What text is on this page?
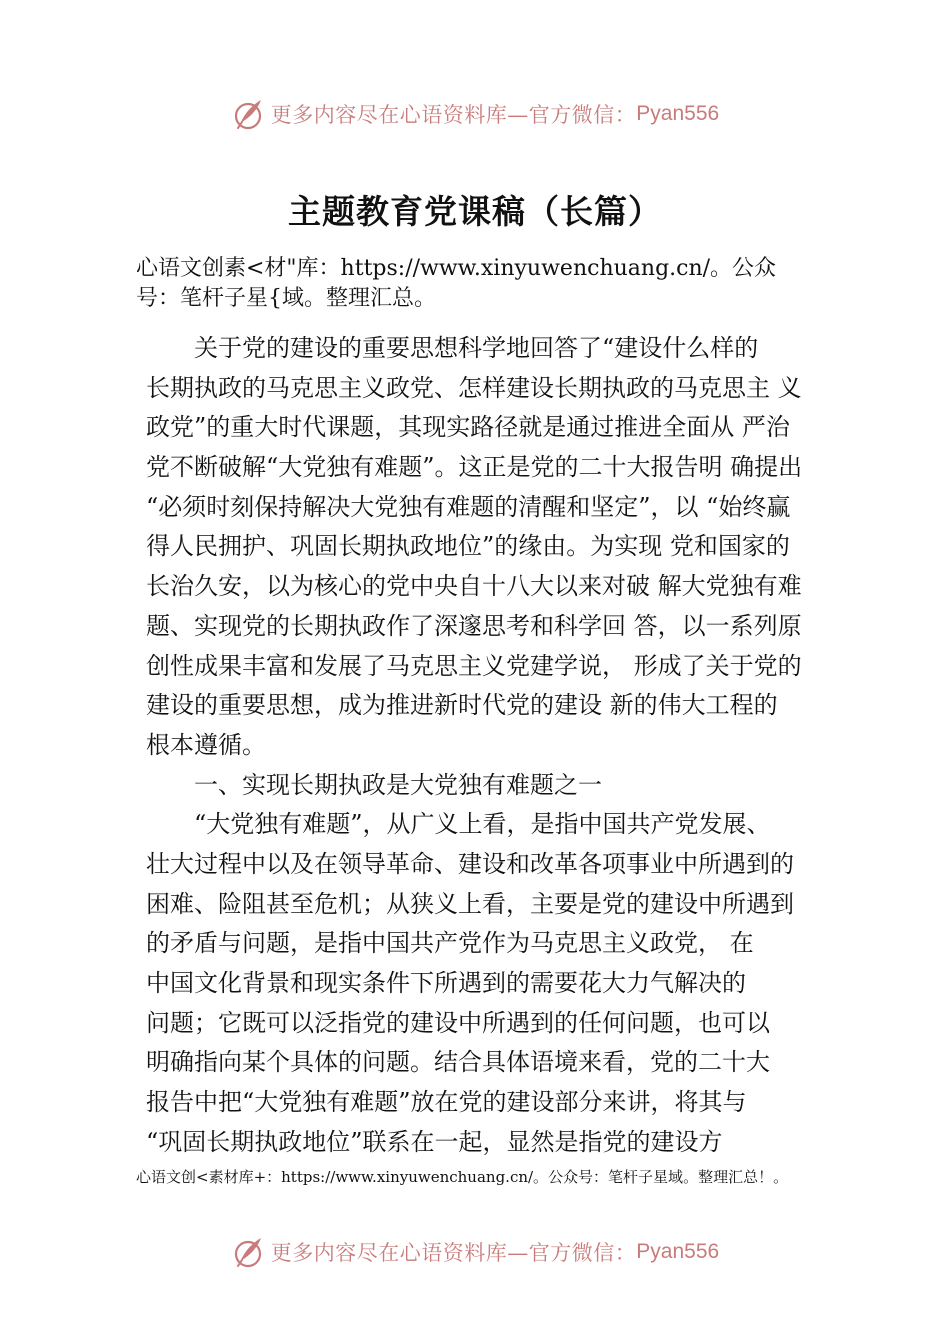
更多内容尽在心语资料库—官方微信： Pyan556
主题教育党课稿（长篇）
心语文创素<材"库：https://www.xinyuwenchuang.cn/。公众
号：笔杆子星{域。整理汇总。
关于党的建设的重要思想科学地回答了“建设什么样的
长期执政的马克思主义政党、怎样建设长期执政的马克思主 义
政党”的重大时代课题，其现实路径就是通过推进全面从 严治
党不断破解“大党独有难题”。这正是党的二十大报告明 确提出
“必须时刻保持解决大党独有难题的清醒和坚定”，以 “始终赢
得人民拥护、巩固长期执政地位”的缘由。为实现 党和国家的
长治久安，以为核心的党中央自十八大以来对破 解大党独有难
题、实现党的长期执政作了深邃思考和科学回 答，以一系列原
创性成果丰富和发展了马克思主义党建学说， 形成了关于党的
建设的重要思想，成为推进新时代党的建设 新的伟大工程的
根本遵循。
一、实现长期执政是大党独有难题之一
“大党独有难题”，从广义上看，是指中国共产党发展、
壮大过程中以及在领导革命、建设和改革各项事业中所遇到的
困难、险阻甚至危机；从狭义上看，主要是党的建设中所遇到
的矛盾与问题，是指中国共产党作为马克思主义政党， 在
中国文化背景和现实条件下所遇到的需要花大力气解决的
问题；它既可以泛指党的建设中所遇到的任何问题，也可以
明确指向某个具体的问题。结合具体语境来看，党的二十大
报告中把“大党独有难题”放在党的建设部分来讲，将其与
“巩固长期执政地位”联系在一起，显然是指党的建设方
心语文创<素材库+：https://www.xinyuwenchuang.cn/。公众号：笔杆子星域。整理汇总！。
更多内容尽在心语资料库—官方微信： Pyan556
